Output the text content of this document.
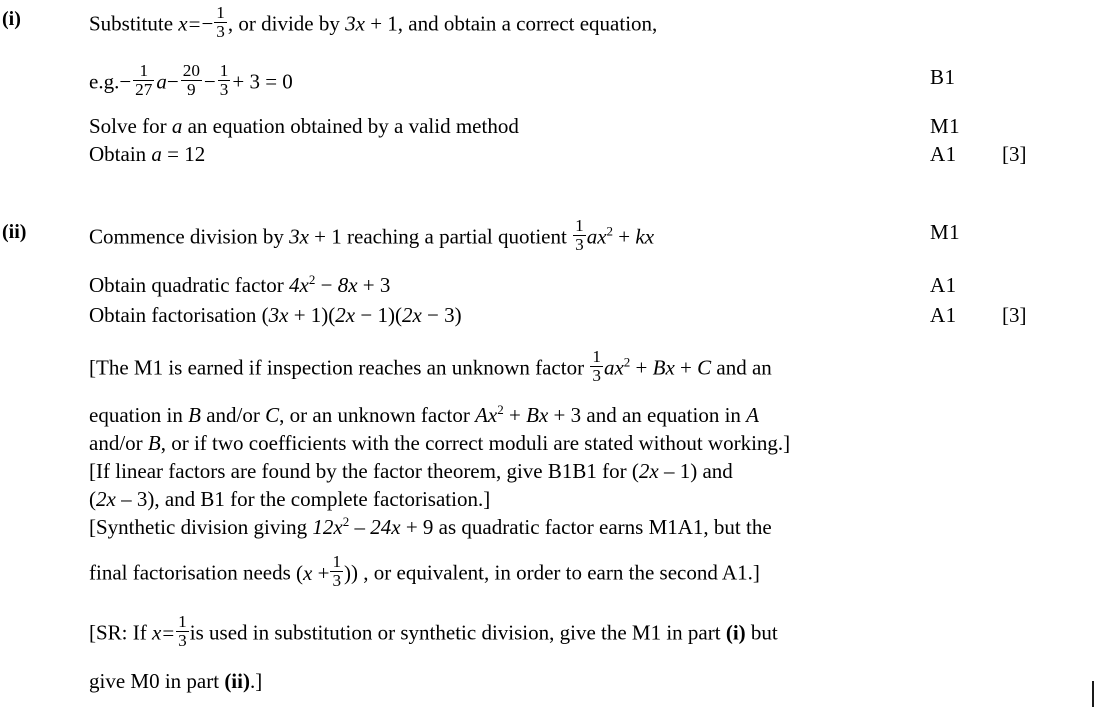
(i)	Substitute $x=- \frac{1}{3}$ , or divide by 3x + 1, and obtain a correct equation,
$e.g.- \frac{1}{27} a- \frac{20}{9} - \frac{1}{3} + 3 = 0$	B1
Solve for a an equation obtained by a valid method	M1
Obtain a = 12	A1 [3]
(ii)	Commence division by 3x + 1 reaching a partial quotient $\frac{1}{3} ax^2$ + kx	M1
Obtain quadratic factor $4x^2 - 8x + 3$	A1
Obtain factorisation (3x + 1)(2x − 1)(2x − 3)	A1 [3]
[The M1 is earned if inspection reaches an unknown factor $\frac{1}{3} ax^2 + Bx + C$ and an
equation in B and/or C, or an unknown factor $Ax^2 + Bx + 3$ and an equation in A
and/or B, or if two coefficients with the correct moduli are stated without working.]
[If linear factors are found by the factor theorem, give B1B1 for (2x – 1) and
(2x – 3), and B1 for the complete factorisation.]
[Synthetic division giving $12x^2 - 24x + 9$ as quadratic factor earns M1A1, but the
final factorisation needs ($x + \frac{1}{3}$ )) , or equivalent, in order to earn the second A1.]
[SR: If $x= \frac{1}{3}$ is used in substitution or synthetic division, give the M1 in part (i) but
give M0 in part (ii).]
